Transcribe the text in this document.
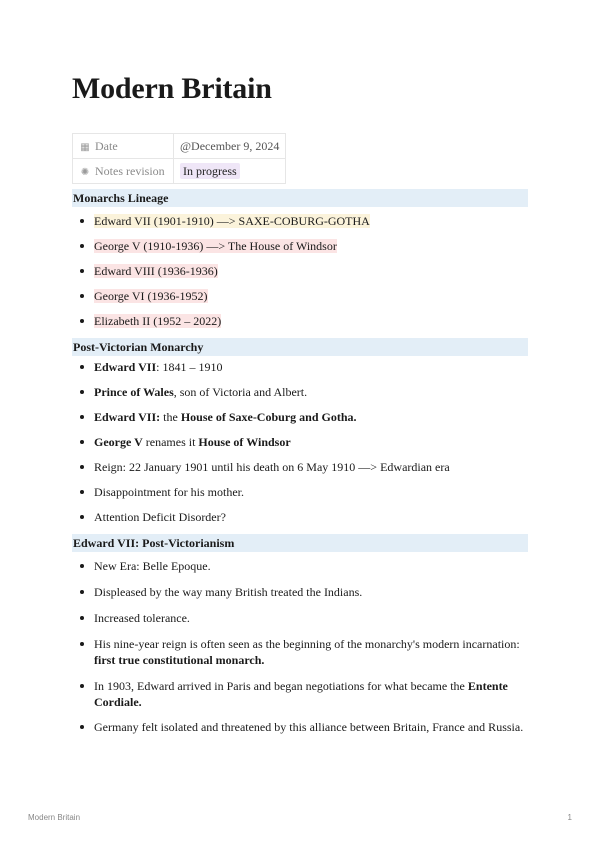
Modern Britain
▦ Date	@December 9, 2024
✺ Notes revision	In progress
Monarchs Lineage
Edward VII (1901-1910) —> SAXE-COBURG-GOTHA
George V (1910-1936) —> The House of Windsor
Edward VIII (1936-1936)
George VI (1936-1952)
Elizabeth II (1952 – 2022)
Post-Victorian Monarchy
Edward VII: 1841 – 1910
Prince of Wales, son of Victoria and Albert.
Edward VII: the House of Saxe-Coburg and Gotha.
George V renames it House of Windsor
Reign: 22 January 1901 until his death on 6 May 1910 —> Edwardian era
Disappointment for his mother.
Attention Deficit Disorder?
Edward VII: Post-Victorianism
New Era: Belle Epoque.
Displeased by the way many British treated the Indians.
Increased tolerance.
His nine-year reign is often seen as the beginning of the monarchy's modern incarnation: first true constitutional monarch.
In 1903, Edward arrived in Paris and began negotiations for what became the Entente Cordiale.
Germany felt isolated and threatened by this alliance between Britain, France and Russia.
Modern Britain	1
